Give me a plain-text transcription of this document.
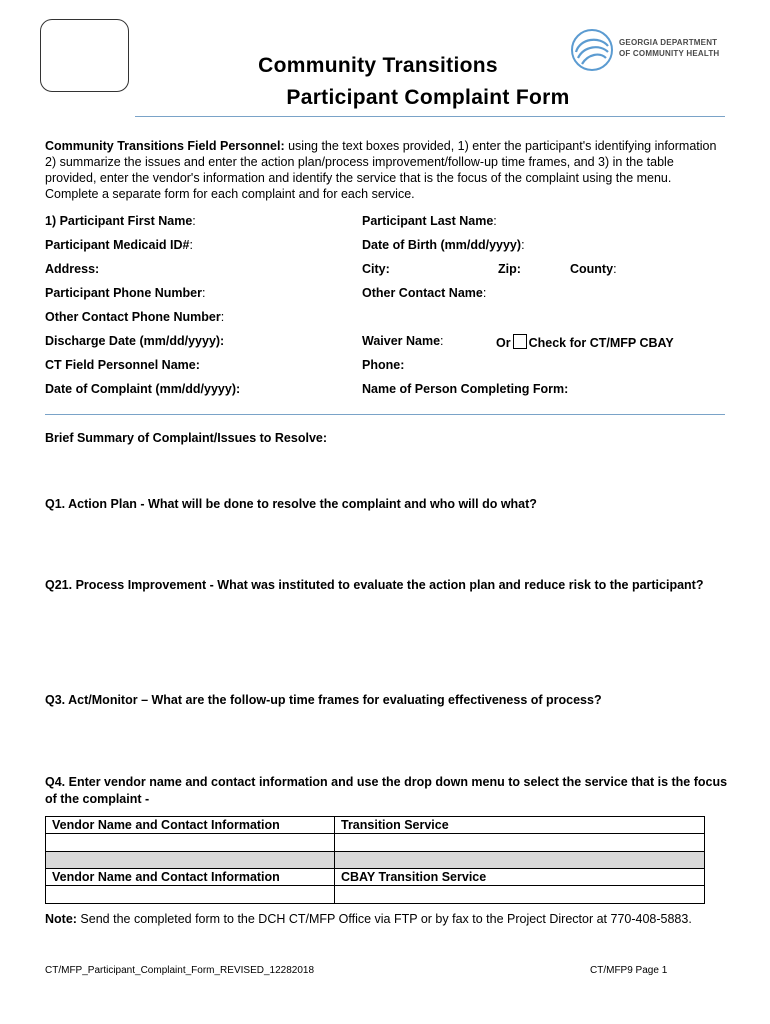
Community Transitions
Participant Complaint Form
GEORGIA DEPARTMENT
OF COMMUNITY HEALTH
Community Transitions Field Personnel: using the text boxes provided, 1) enter the participant's identifying information 2) summarize the issues and enter the action plan/process improvement/follow-up time frames, and 3) in the table provided, enter the vendor's information and identify the service that is the focus of the complaint using the menu. Complete a separate form for each complaint and for each service.
1) Participant First Name:	Participant Last Name:
Participant Medicaid ID#:	Date of Birth (mm/dd/yyyy):
Address:	City:	Zip:	County:
Participant Phone Number:	Other Contact Name:
Other Contact Phone Number:
Discharge Date (mm/dd/yyyy):	Waiver Name:	Or Check for CT/MFP CBAY
CT Field Personnel Name:	Phone:
Date of Complaint (mm/dd/yyyy):	Name of Person Completing Form:
Brief Summary of Complaint/Issues to Resolve:
Q1. Action Plan - What will be done to resolve the complaint and who will do what?
Q21. Process Improvement - What was instituted to evaluate the action plan and reduce risk to the participant?
Q3. Act/Monitor – What are the follow-up time frames for evaluating effectiveness of process?
Q4. Enter vendor name and contact information and use the drop down menu to select the service that is the focus of the complaint -
Vendor Name and Contact Information	Transition Service

Vendor Name and Contact Information	CBAY Transition Service

Note: Send the completed form to the DCH CT/MFP Office via FTP or by fax to the Project Director at 770-408-5883.
CT/MFP_Participant_Complaint_Form_REVISED_12282018	CT/MFP9 Page 1
